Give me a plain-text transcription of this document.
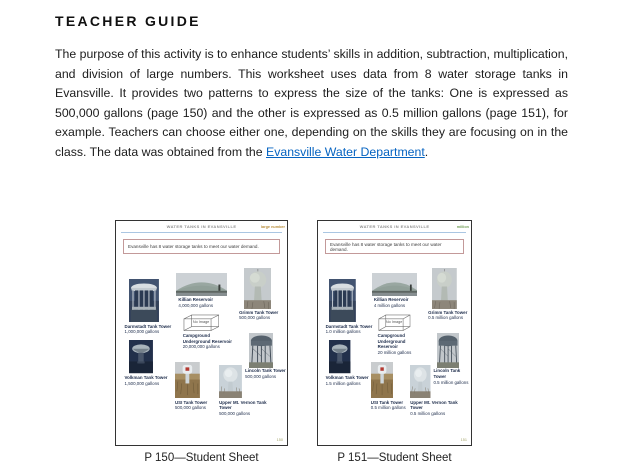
TEACHER GUIDE

The purpose of this activity is to enhance students’ skills in addition, subtraction, multiplication, and division of large numbers. This worksheet uses data from 8 water storage tanks in Evansville. It provides two patterns to express the size of the tanks: One is expressed as 500,000 gallons (page 150) and the other is expressed as 0.5 million gallons (page 151), for example. Teachers can choose either one, depending on the skills they are focusing on in the class. The data was obtained from the Evansville Water Department.

WATER TANKS IN EVANSVILLE	large number
Evansville has 8 water storage tanks to meet our water demand.
Darmstadt Tank Tower
1,000,000 gallons
Killian Reservoir
4,000,000 gallons
Grimm Tank Tower
500,000 gallons
No Image
Campground Underground Reservoir
20,000,000 gallons
Volkman Tank Tower
1,500,000 gallons
USI Tank Tower
500,000 gallons
Upper Mt. Vernon Tank Tower
500,000 gallons
Lincoln Tank Tower
500,000 gallons
150
WATER TANKS IN EVANSVILLE	million
Evansville has 8 water storage tanks to meet our water demand.
Darmstadt Tank Tower
1.0 million gallons
Killian Reservoir
4 million gallons
Grimm Tank Tower
0.5 million gallons
No Image
Campground Underground Reservoir
20 million gallons
Volkman Tank Tower
1.5 million gallons
USI Tank Tower
0.5 million gallons
Upper Mt. Vernon Tank Tower
0.5 million gallons
Lincoln Tank Tower
0.5 million gallons
151
P 150—Student Sheet	P 151—Student Sheet
